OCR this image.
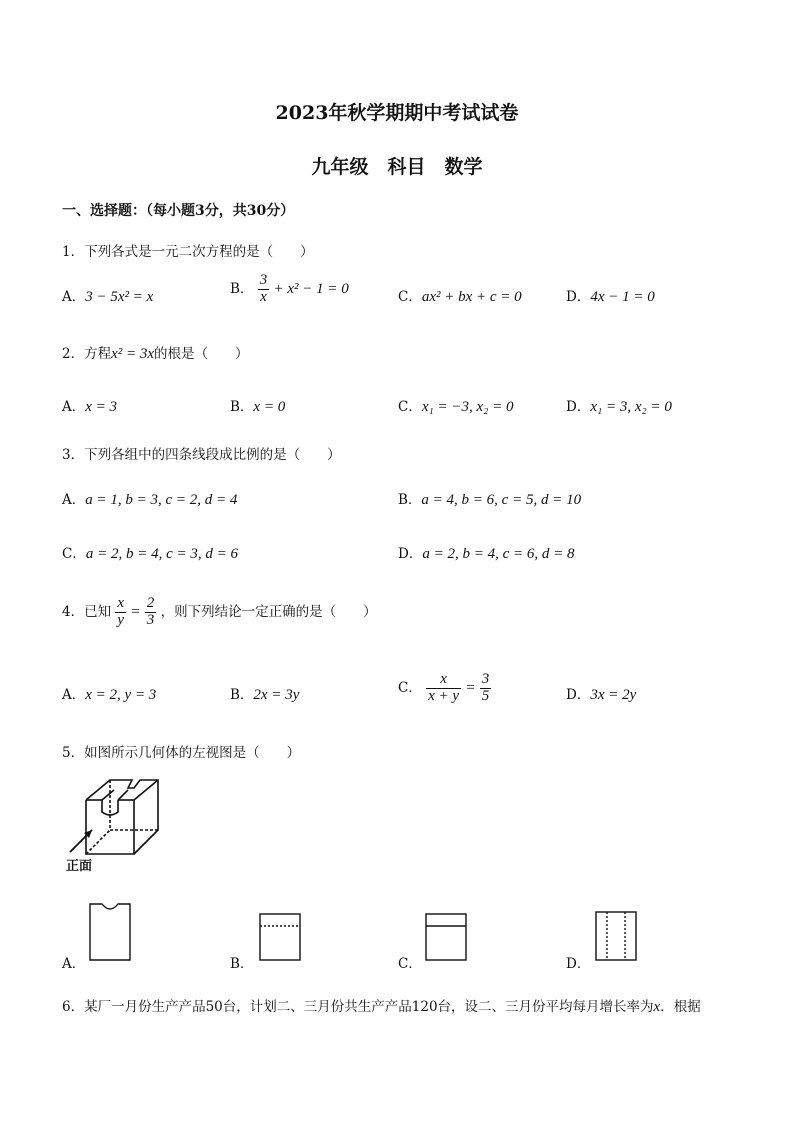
2023年秋学期期中考试试卷
九年级　科目　数学
一、选择题：（每小题3分，共30分）
1．下列各式是一元二次方程的是（　　）
A．3 − 5x² = x
B． $\frac{3}{x} + x^2 - 1 = 0$
C．ax² + bx + c = 0	D．4x − 1 = 0
2．方程x² = 3x的根是（　　）
A．x = 3	B．x = 0	C．x₁ = −3, x₂ = 0	D．x₁ = 3, x₂ = 0
3．下列各组中的四条线段成比例的是（　　）
A．a = 1, b = 3, c = 2, d = 4	B．a = 4, b = 6, c = 5, d = 10
C．a = 2, b = 4, c = 3, d = 6	D．a = 2, b = 4, c = 6, d = 8
4．已知 $\frac{x}{y} = \frac{2}{3}$ ，则下列结论一定正确的是（　　）
A．x = 2, y = 3	B．2x = 3y	C． $\frac{x}{x + y} = \frac{3}{5}$	D．3x = 2y
5．如图所示几何体的左视图是（　　）
正面
A．	B．	C．	D．
6．某厂一月份生产产品50台，计划二、三月份共生产产品120台，设二、三月份平均每月增长率为x．根据
